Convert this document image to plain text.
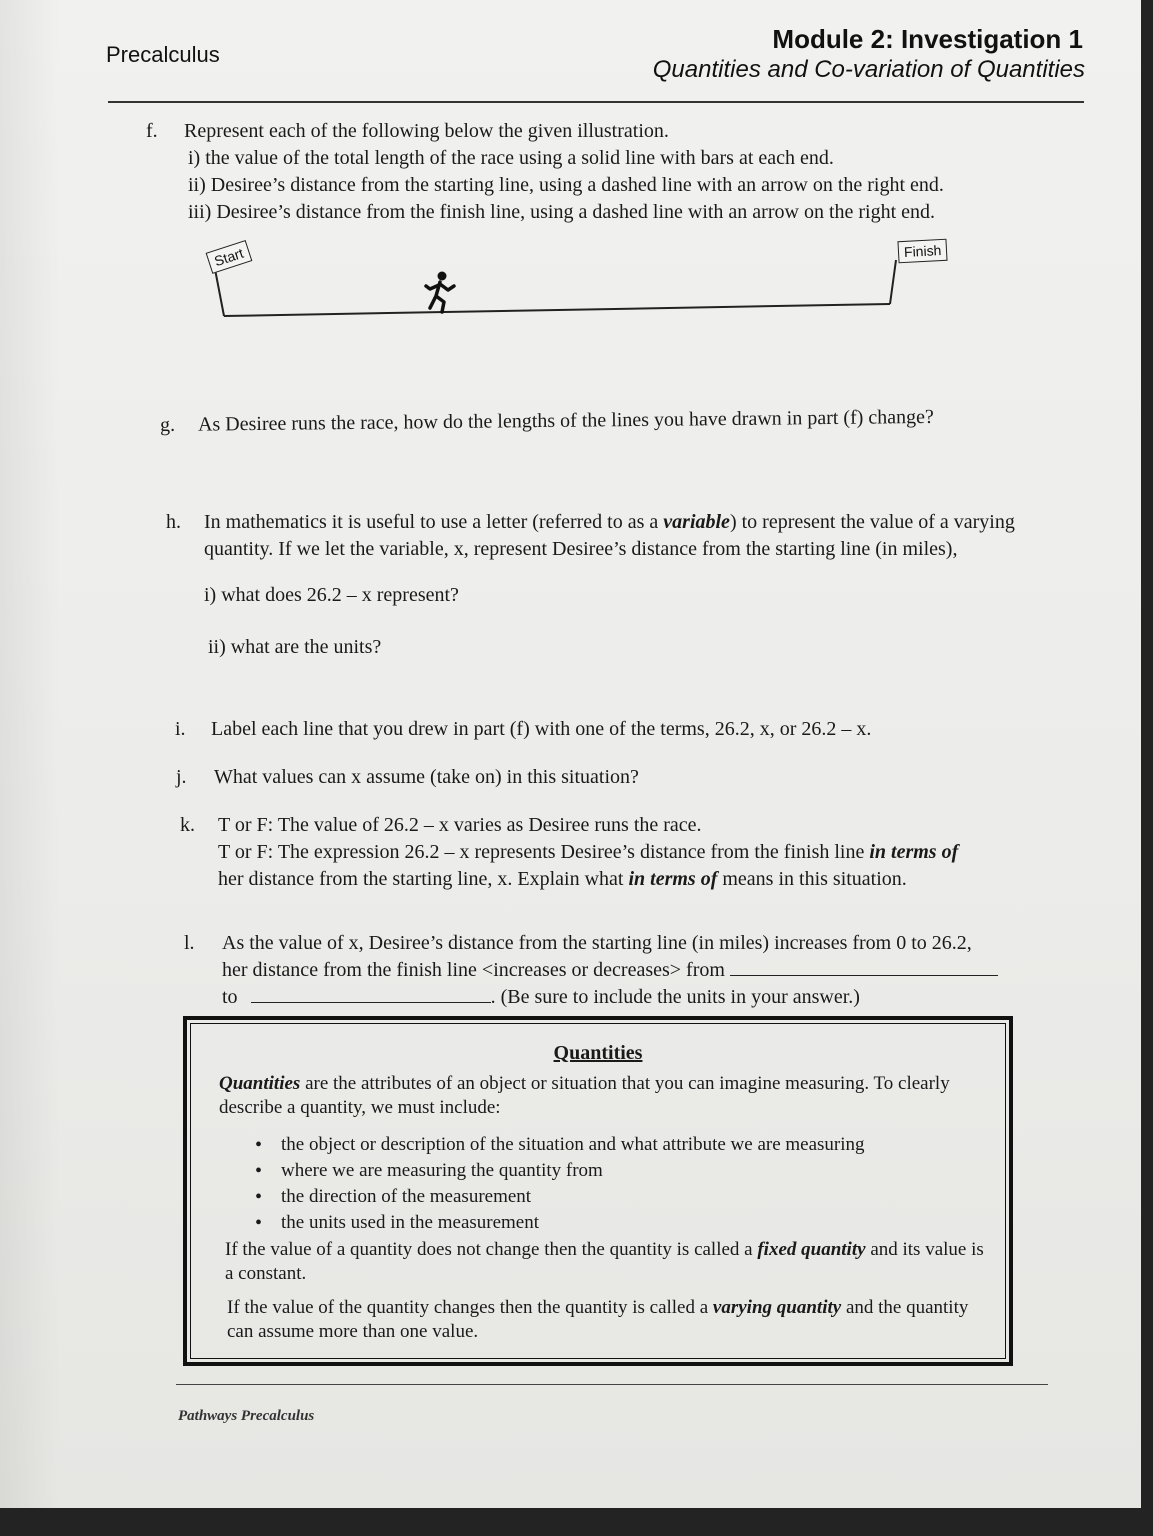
Precalculus
Module 2: Investigation 1
Quantities and Co-variation of Quantities
f. Represent each of the following below the given illustration.

i) the value of the total length of the race using a solid line with bars at each end.

ii) Desiree’s distance from the starting line, using a dashed line with an arrow on the right end.

iii) Desiree’s distance from the finish line, using a dashed line with an arrow on the right end.

Start	Finish
g. As Desiree runs the race, how do the lengths of the lines you have drawn in part (f) change?

h. In mathematics it is useful to use a letter (referred to as a variable) to represent the value of a varying quantity. If we let the variable, x, represent Desiree’s distance from the starting line (in miles),

i) what does 26.2 – x represent?

ii) what are the units?

i. Label each line that you drew in part (f) with one of the terms, 26.2, x, or 26.2 – x.

j. What values can x assume (take on) in this situation?

k. T or F: The value of 26.2 – x varies as Desiree runs the race.

T or F: The expression 26.2 – x represents Desiree’s distance from the finish line in terms of

her distance from the starting line, x. Explain what in terms of means in this situation.

l. As the value of x, Desiree’s distance from the starting line (in miles) increases from 0 to 26.2,

her distance from the finish line <increases or decreases> from

to	. (Be sure to include the units in your answer.)

Quantities
Quantities are the attributes of an object or situation that you can imagine measuring. To clearly describe a quantity, we must include:
• the object or description of the situation and what attribute we are measuring
• where we are measuring the quantity from
• the direction of the measurement
• the units used in the measurement
If the value of a quantity does not change then the quantity is called a fixed quantity and its value is a constant.
If the value of the quantity changes then the quantity is called a varying quantity and the quantity can assume more than one value.
Pathways Precalculus
